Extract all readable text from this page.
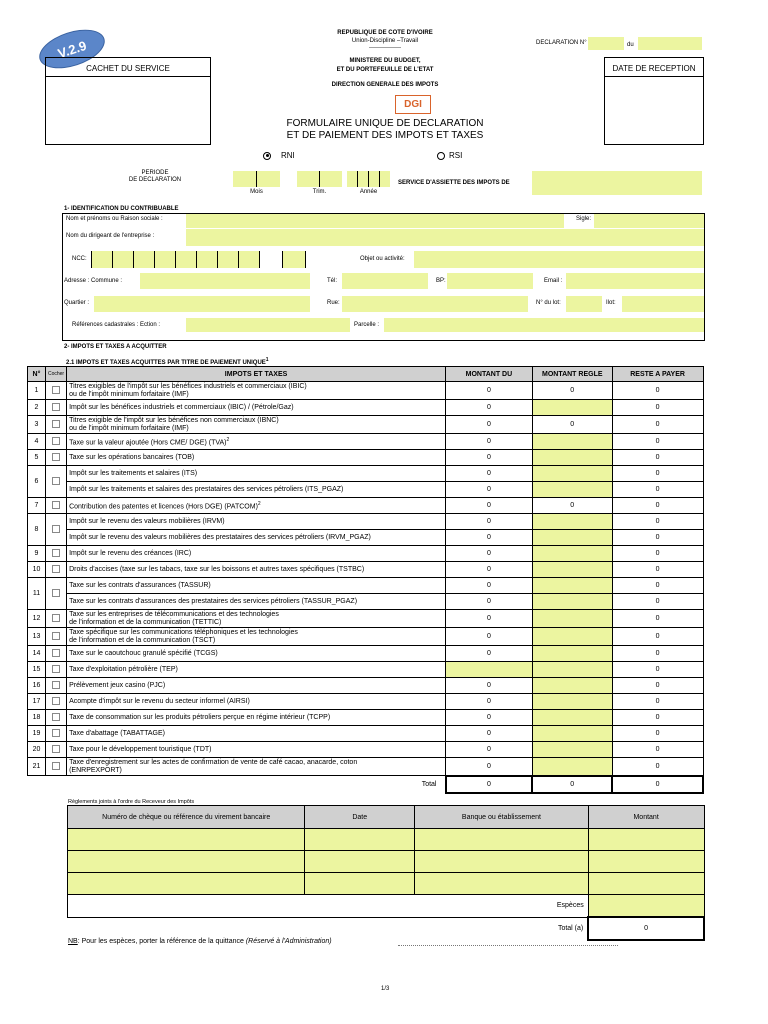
V.2.9
CACHET DU SERVICE
REPUBLIQUE DE COTE D'IVOIRE
Union-Discipline –Travail
----------------
MINISTERE DU BUDGET,
ET DU PORTEFEUILLE DE L'ETAT
DIRECTION GENERALE DES IMPOTS
DGI
FORMULAIRE UNIQUE DE DECLARATION
ET DE PAIEMENT DES IMPOTS ET TAXES
DECLARATION N°	du
DATE DE RECEPTION
RNI	RSI
PERIODE
DE DECLARATION
Mois	Trim.	Année
SERVICE D'ASSIETTE DES IMPOTS DE
1- IDENTIFICATION DU CONTRIBUABLE
Nom et prénoms ou Raison sociale :	Sigle:
Nom du dirigeant de l'entreprise :
NCC:	Objet ou activité:
Adresse : Commune :	Tél:	BP:	Email :
Quartier :	Rue:	N° du lot:	Ilot:
Références cadastrales : Ection :	Parcelle :
2- IMPOTS ET TAXES A ACQUITTER
2.1 IMPOTS ET TAXES ACQUITTES PAR TITRE DE PAIEMENT UNIQUE$^1$
N°	Cocher	IMPOTS ET TAXES	MONTANT DU	MONTANT REGLE	RESTE A PAYER
1		Titres exigibles de l'impôt sur les bénéfices industriels et commerciaux (IBIC)
ou de l'impôt minimum forfaitaire (IMF)	0	0	0
2		Impôt sur les bénéfices industriels et commerciaux (IBIC) / (Pétrole/Gaz)	0		0
3		Titres exigible de l'impôt sur les bénéfices non commerciaux (IBNC)
ou de l'impôt minimum forfaitaire (IMF)	0	0	0
4		Taxe sur la valeur ajoutée (Hors CME/ DGE) (TVA)$^2$	0		0
5		Taxe sur les opérations bancaires (TOB)	0		0
6		Impôt sur les traitements et salaires (ITS)	0		0

		Impôt sur les traitements et salaires des prestataires des services pétroliers (ITS_PGAZ)	0		0
7		Contribution des patentes et licences (Hors DGE) (PATCOM)$^2$	0	0	0
8		Impôt sur le revenu des valeurs mobilières (IRVM)	0		0

		Impôt sur le revenu des valeurs mobilières des prestataires des services pétroliers (IRVM_PGAZ)	0		0
9		Impôt sur le revenu des créances (IRC)	0		0
10		Droits d'accises (taxe sur les tabacs, taxe sur les boissons et autres taxes spécifiques (TSTBC)	0		0
11		Taxe sur les contrats d'assurances (TASSUR)	0		0

		Taxe sur les contrats d'assurances des prestataires des services pétroliers (TASSUR_PGAZ)	0		0
12		Taxe sur les entreprises de télécommunications et des technologies
de l'information et de la communication (TETTIC)	0		0
13		Taxe spécifique sur les communications téléphoniques et les technologies
de l'information et de la communication (TSCT)	0		0
14		Taxe sur le caoutchouc granulé spécifié (TCGS)	0		0
15		Taxe d'exploitation pétrolière (TEP)			0
16		Prélèvement jeux casino (PJC)	0		0
17		Acompte d'impôt sur le revenu du secteur informel (AIRSI)	0		0
18		Taxe de consommation sur les produits pétroliers perçue en régime intérieur (TCPP)	0		0
19		Taxe d'abattage (TABATTAGE)	0		0
20		Taxe pour le développement touristique (TDT)	0		0
21		Taxe d'enregistrement sur les actes de confirmation de vente de café cacao, anacarde, coton
(ENRPEXPORT)	0		0
Total			0	0	0
Règlements joints à l'ordre du Receveur des Impôts
Numéro de chèque ou référence du virement bancaire	Date	Banque ou établissement	Montant

Espèces			
Total (a)			0
NB: Pour les espèces, porter la référence de la quittance (Réservé à l'Administration)
1/3
